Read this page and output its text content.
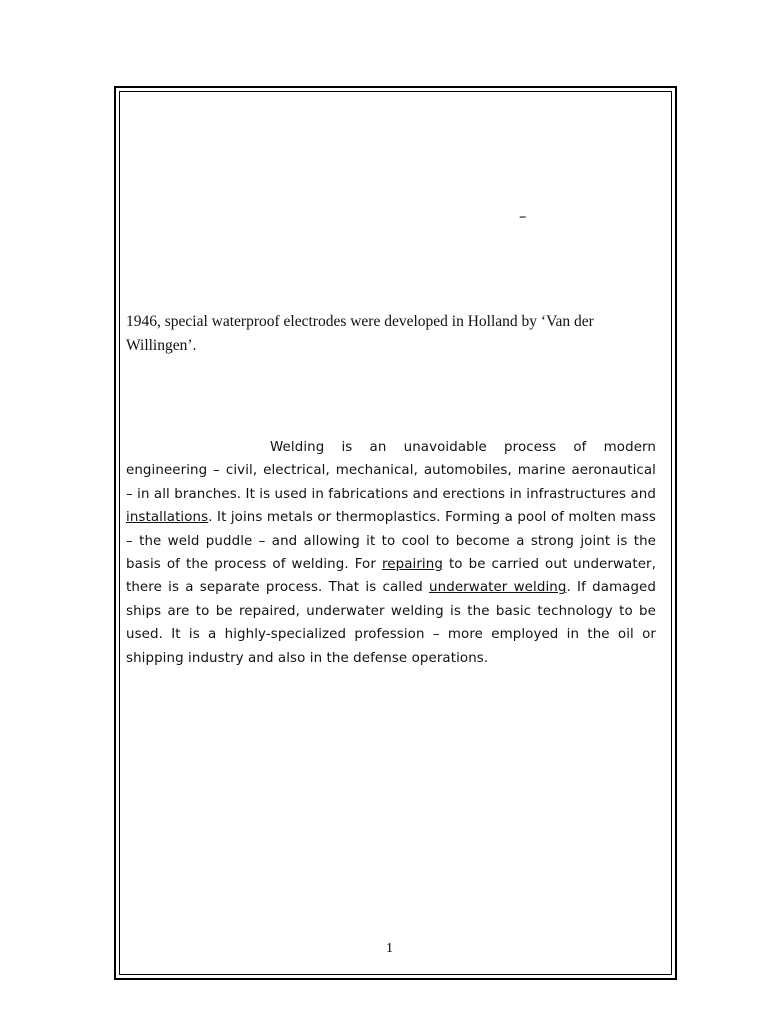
–

1946, special waterproof electrodes were developed in Holland by ‘Van der Willingen’.

Welding is an unavoidable process of modern engineering – civil, electrical, mechanical, automobiles, marine aeronautical – in all branches. It is used in fabrications and erections in infrastructures and installations. It joins metals or thermoplastics. Forming a pool of molten mass – the weld puddle – and allowing it to cool to become a strong joint is the basis of the process of welding. For repairing to be carried out underwater, there is a separate process. That is called underwater welding. If damaged ships are to be repaired, underwater welding is the basic technology to be used. It is a highly-specialized profession – more employed in the oil or shipping industry and also in the defense operations.

1
